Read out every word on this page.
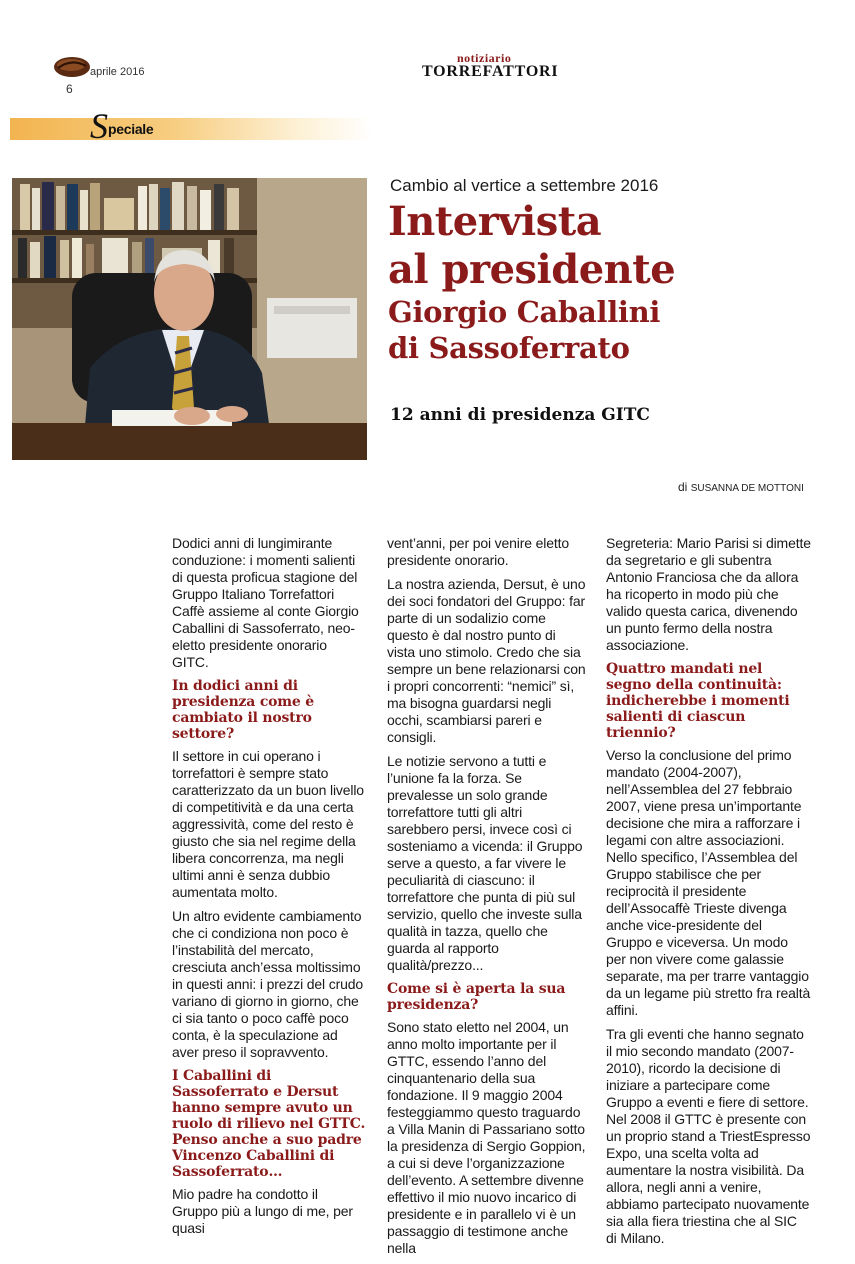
aprile 2016
6
notiziario
TORREFATTORI
S peciale
Cambio al vertice a settembre 2016
Intervista
al presidente
Giorgio Caballini
di Sassoferrato
12 anni di presidenza GITC
di SUSANNA DE MOTTONI

Dodici anni di lungimirante conduzione: i momenti salienti di questa proficua stagione del Gruppo Italiano Torrefattori Caffè assieme al conte Giorgio Caballini di Sassoferrato, neo-eletto presidente onorario GITC.

In dodici anni di presidenza come è cambiato il nostro settore?

Il settore in cui operano i torrefattori è sempre stato caratterizzato da un buon livello di competitività e da una certa aggressività, come del resto è giusto che sia nel regime della libera concorrenza, ma negli ultimi anni è senza dubbio aumentata molto.

Un altro evidente cambiamento che ci condiziona non poco è l’instabilità del mercato, cresciuta anch’essa moltissimo in questi anni: i prezzi del crudo variano di giorno in giorno, che ci sia tanto o poco caffè poco conta, è la speculazione ad aver preso il sopravvento.

I Caballini di Sassoferrato e Dersut hanno sempre avuto un ruolo di rilievo nel GTTC. Penso anche a suo padre Vincenzo Caballini di Sassoferrato…

Mio padre ha condotto il Gruppo più a lungo di me, per quasi

vent’anni, per poi venire eletto presidente onorario.

La nostra azienda, Dersut, è uno dei soci fondatori del Gruppo: far parte di un sodalizio come questo è dal nostro punto di vista uno stimolo. Credo che sia sempre un bene relazionarsi con i propri concorrenti: “nemici” sì, ma bisogna guardarsi negli occhi, scambiarsi pareri e consigli.

Le notizie servono a tutti e l’unione fa la forza. Se prevalesse un solo grande torrefattore tutti gli altri sarebbero persi, invece così ci sosteniamo a vicenda: il Gruppo serve a questo, a far vivere le peculiarità di ciascuno: il torrefattore che punta di più sul servizio, quello che investe sulla qualità in tazza, quello che guarda al rapporto qualità/prezzo...

Come si è aperta la sua presidenza?

Sono stato eletto nel 2004, un anno molto importante per il GTTC, essendo l’anno del cinquantenario della sua fondazione. Il 9 maggio 2004 festeggiammo questo traguardo a Villa Manin di Passariano sotto la presidenza di Sergio Goppion, a cui si deve l’organizzazione dell’evento. A settembre divenne effettivo il mio nuovo incarico di presidente e in parallelo vi è un passaggio di testimone anche nella

Segreteria: Mario Parisi si dimette da segretario e gli subentra Antonio Franciosa che da allora ha ricoperto in modo più che valido questa carica, divenendo un punto fermo della nostra associazione.

Quattro mandati nel segno della continuità: indicherebbe i momenti salienti di ciascun triennio?

Verso la conclusione del primo mandato (2004-2007), nell’Assemblea del 27 febbraio 2007, viene presa un’importante decisione che mira a rafforzare i legami con altre associazioni. Nello specifico, l’Assemblea del Gruppo stabilisce che per reciprocità il presidente dell’Assocaffè Trieste divenga anche vice-presidente del Gruppo e viceversa. Un modo per non vivere come galassie separate, ma per trarre vantaggio da un legame più stretto fra realtà affini.

Tra gli eventi che hanno segnato il mio secondo mandato (2007-2010), ricordo la decisione di iniziare a partecipare come Gruppo a eventi e fiere di settore. Nel 2008 il GTTC è presente con un proprio stand a TriestEspresso Expo, una scelta volta ad aumentare la nostra visibilità. Da allora, negli anni a venire, abbiamo partecipato nuovamente sia alla fiera triestina che al SIC di Milano.
